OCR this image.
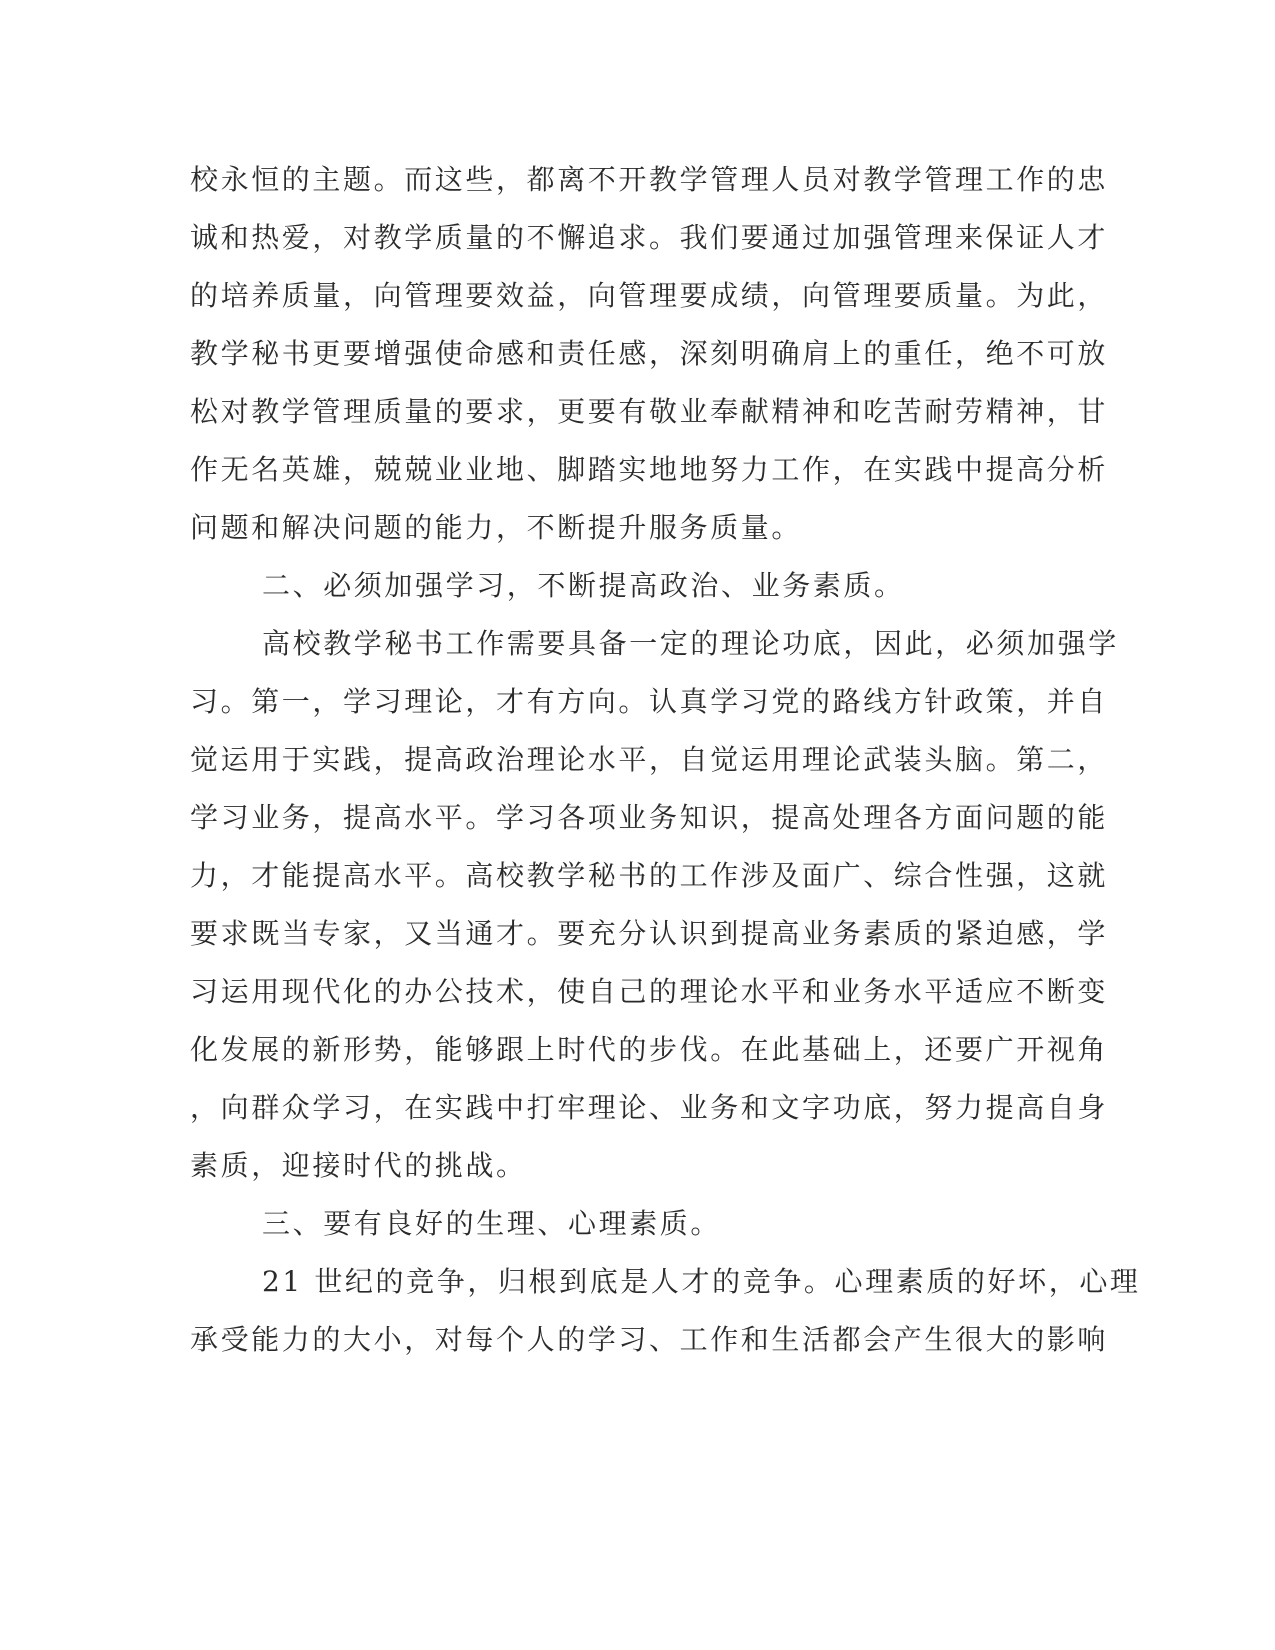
校永恒的主题。而这些，都离不开教学管理人员对教学管理工作的忠
诚和热爱，对教学质量的不懈追求。我们要通过加强管理来保证人才
的培养质量，向管理要效益，向管理要成绩，向管理要质量。为此，
教学秘书更要增强使命感和责任感，深刻明确肩上的重任，绝不可放
松对教学管理质量的要求，更要有敬业奉献精神和吃苦耐劳精神，甘
作无名英雄，兢兢业业地、脚踏实地地努力工作，在实践中提高分析
问题和解决问题的能力，不断提升服务质量。
二、必须加强学习，不断提高政治、业务素质。
高校教学秘书工作需要具备一定的理论功底，因此，必须加强学
习。第一，学习理论，才有方向。认真学习党的路线方针政策，并自
觉运用于实践，提高政治理论水平，自觉运用理论武装头脑。第二，
学习业务，提高水平。学习各项业务知识，提高处理各方面问题的能
力，才能提高水平。高校教学秘书的工作涉及面广、综合性强，这就
要求既当专家，又当通才。要充分认识到提高业务素质的紧迫感，学
习运用现代化的办公技术，使自己的理论水平和业务水平适应不断变
化发展的新形势，能够跟上时代的步伐。在此基础上，还要广开视角
，向群众学习，在实践中打牢理论、业务和文字功底，努力提高自身
素质，迎接时代的挑战。
三、要有良好的生理、心理素质。
21 世纪的竞争，归根到底是人才的竞争。心理素质的好坏，心理
承受能力的大小，对每个人的学习、工作和生活都会产生很大的影响
